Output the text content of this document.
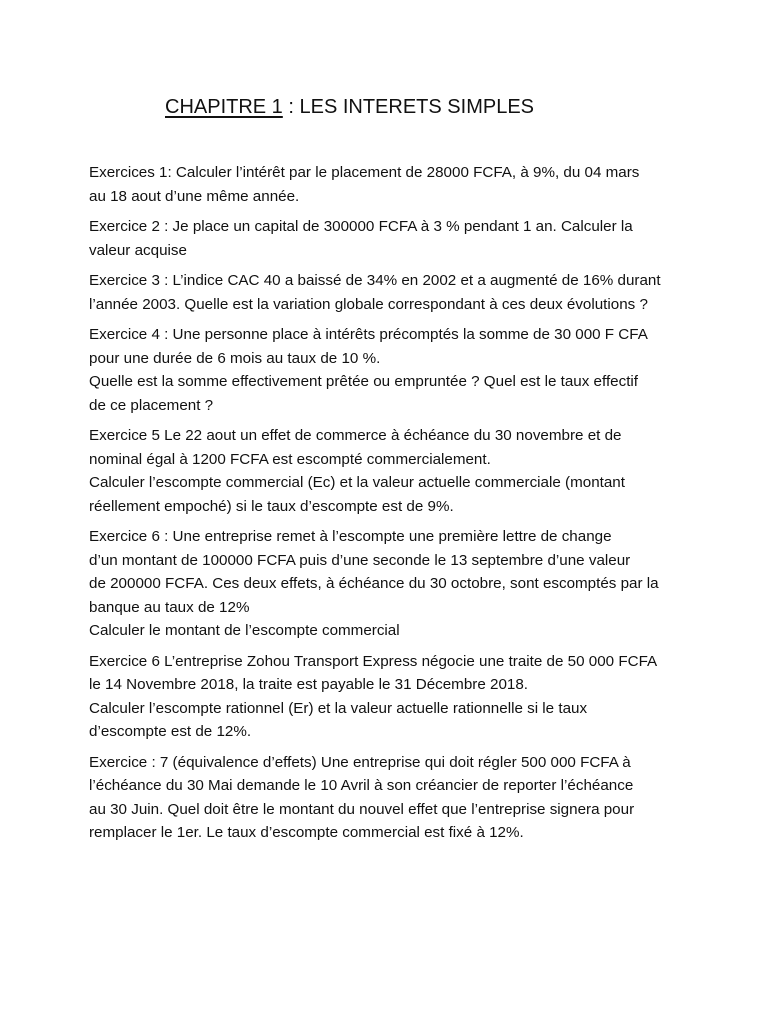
CHAPITRE 1 : LES INTERETS SIMPLES

Exercices 1: Calculer l’intérêt par le placement de 28000 FCFA, à 9%, du 04 mars
au 18 aout d’une même année.

Exercice 2 : Je place un capital de 300000 FCFA à 3 % pendant 1 an. Calculer la
valeur acquise

Exercice 3 : L’indice CAC 40 a baissé de 34% en 2002 et a augmenté de 16% durant
l’année 2003. Quelle est la variation globale correspondant à ces deux évolutions ?

Exercice 4 : Une personne place à intérêts précomptés la somme de 30 000 F CFA
pour une durée de 6 mois au taux de 10 %.
Quelle est la somme effectivement prêtée ou empruntée ? Quel est le taux effectif
de ce placement ?

Exercice 5 Le 22 aout un effet de commerce à échéance du 30 novembre et de
nominal égal à 1200 FCFA est escompté commercialement.
Calculer l’escompte commercial (Ec) et la valeur actuelle commerciale (montant
réellement empoché) si le taux d’escompte est de 9%.

Exercice 6 : Une entreprise remet à l’escompte une première lettre de change
d’un montant de 100000 FCFA puis d’une seconde le 13 septembre d’une valeur
de 200000 FCFA. Ces deux effets, à échéance du 30 octobre, sont escomptés par la
banque au taux de 12%
Calculer le montant de l’escompte commercial

Exercice 6 L’entreprise Zohou Transport Express négocie une traite de 50 000 FCFA
le 14 Novembre 2018, la traite est payable le 31 Décembre 2018.
Calculer l’escompte rationnel (Er) et la valeur actuelle rationnelle si le taux
d’escompte est de 12%.

Exercice : 7 (équivalence d’effets) Une entreprise qui doit régler 500 000 FCFA à
l’échéance du 30 Mai demande le 10 Avril à son créancier de reporter l’échéance
au 30 Juin. Quel doit être le montant du nouvel effet que l’entreprise signera pour
remplacer le 1er. Le taux d’escompte commercial est fixé à 12%.
